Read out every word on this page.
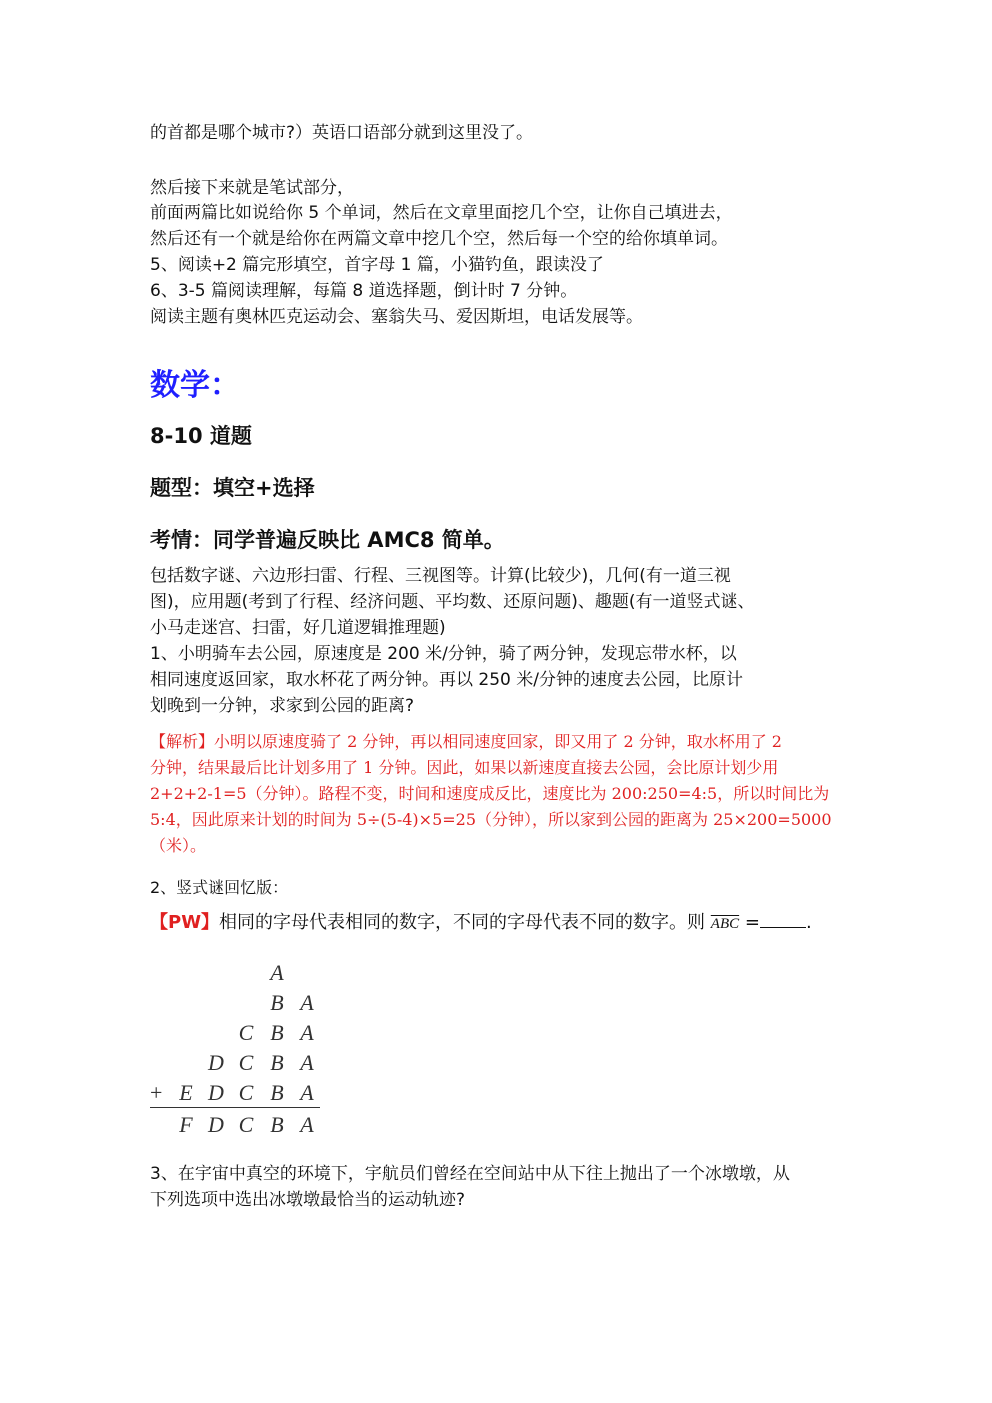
的首都是哪个城市?）英语口语部分就到这里没了。
然后接下来就是笔试部分，
前面两篇比如说给你 5 个单词，然后在文章里面挖几个空，让你自己填进去，
然后还有一个就是给你在两篇文章中挖几个空，然后每一个空的给你填单词。
5、阅读+2 篇完形填空，首字母 1 篇，小猫钓鱼，跟读没了
6、3-5 篇阅读理解，每篇 8 道选择题，倒计时 7 分钟。
阅读主题有奥林匹克运动会、塞翁失马、爱因斯坦，电话发展等。
数学：
8-10 道题
题型：填空+选择
考情：同学普遍反映比 AMC8 简单。
包括数字谜、六边形扫雷、行程、三视图等。计算(比较少)，几何(有一道三视
图)，应用题(考到了行程、经济问题、平均数、还原问题)、趣题(有一道竖式谜、
小马走迷宫、扫雷，好几道逻辑推理题)
1、小明骑车去公园，原速度是 200 米/分钟，骑了两分钟，发现忘带水杯，以
相同速度返回家，取水杯花了两分钟。再以 250 米/分钟的速度去公园，比原计
划晚到一分钟，求家到公园的距离?
【解析】小明以原速度骑了 2 分钟，再以相同速度回家，即又用了 2 分钟，取水杯用了 2
分钟，结果最后比计划多用了 1 分钟。因此，如果以新速度直接去公园，会比原计划少用
2+2+2-1=5（分钟）。路程不变，时间和速度成反比，速度比为 200:250=4:5，所以时间比为
5:4，因此原来计划的时间为 5÷(5-4)×5=25（分钟），所以家到公园的距离为 25×200=5000
（米）。
2、竖式谜回忆版：
【PW】相同的字母代表相同的数字，不同的字母代表不同的数字。则 $\overline{ABC}$ =	.
A
B A
C B A
D C B A
+ E D C B A
F D C B A
3、在宇宙中真空的环境下，宇航员们曾经在空间站中从下往上抛出了一个冰墩墩，从
下列选项中选出冰墩墩最恰当的运动轨迹?
